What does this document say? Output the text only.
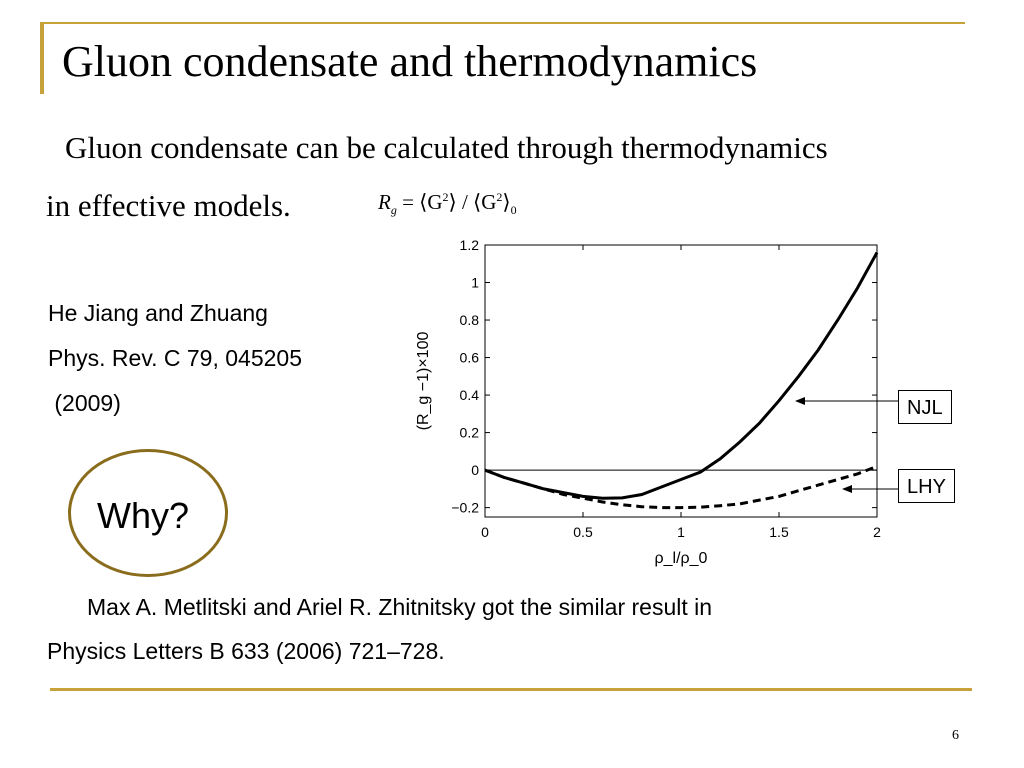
Gluon condensate and thermodynamics
Gluon condensate can be calculated through thermodynamics
in effective models.	$R_g$ = $⟨G^2⟩$ / $⟨G^2⟩_0$
He Jiang and Zhuang
Phys. Rev. C 79, 045205
(2009)
Why?	−0.2
0
0.2
0.4
0.6
0.8
1
1.2
0	0.5	1	1.5	2
ρ_l/ρ_0
(R_g −1)×100	NJL
LHY
Max A. Metlitski and Ariel R. Zhitnitsky got the similar result in
Physics Letters B 633 (2006) 721–728.
6
